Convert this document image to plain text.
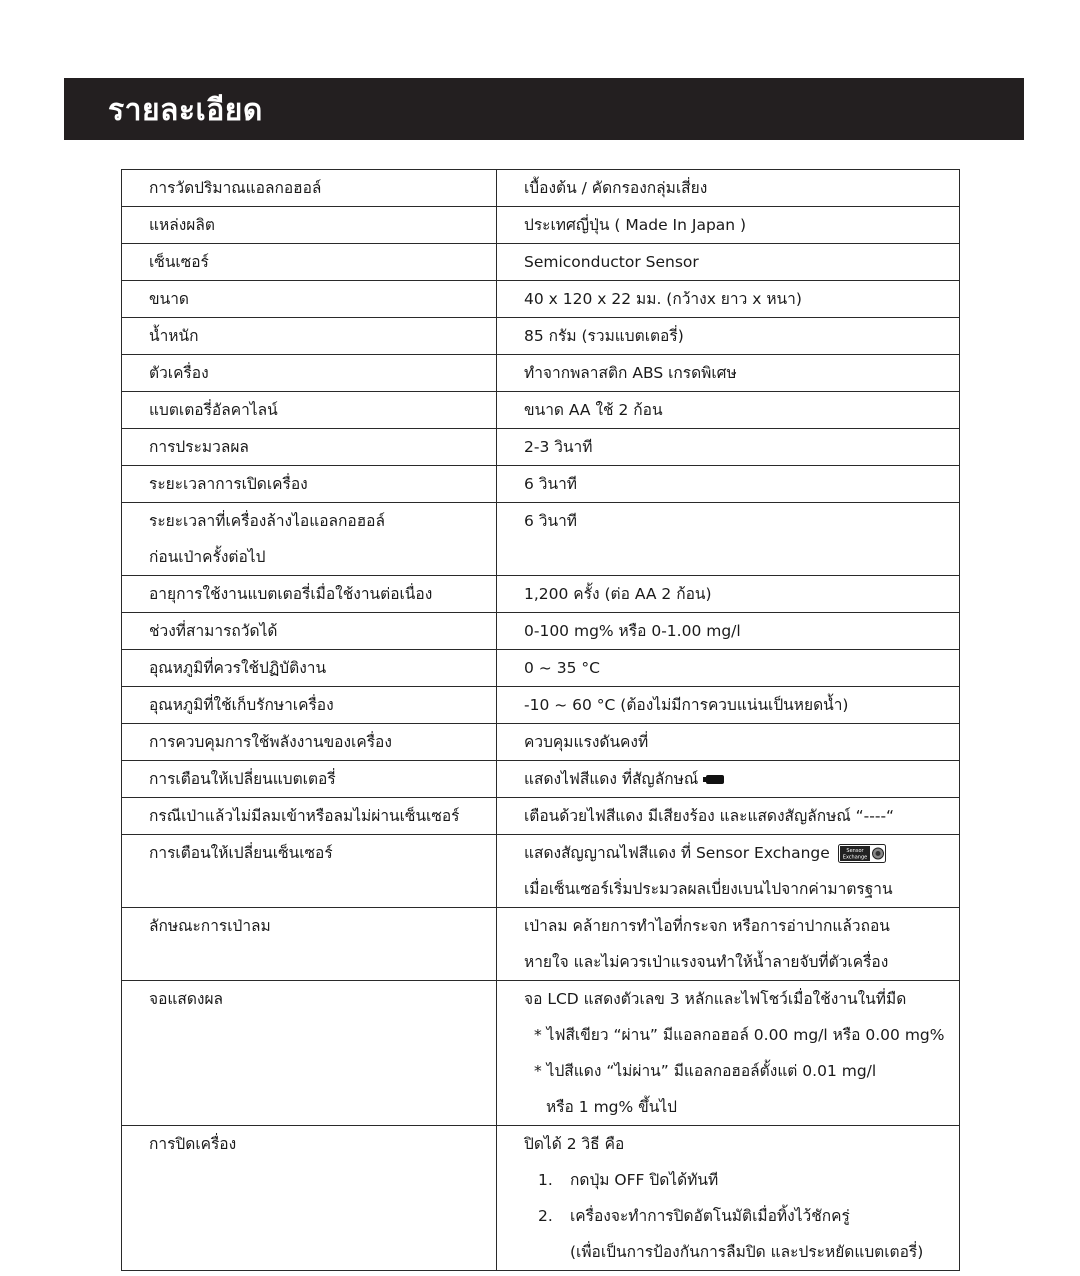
รายละเอียด
การวัดปริมาณแอลกอฮอล์	เบื้องต้น / คัดกรองกลุ่มเสี่ยง
แหล่งผลิต	ประเทศญี่ปุ่น ( Made In Japan )
เซ็นเซอร์	Semiconductor Sensor
ขนาด	40 x 120 x 22 มม. (กว้างx ยาว x หนา)
น้ำหนัก	85 กรัม (รวมแบตเตอรี่)
ตัวเครื่อง	ทำจากพลาสติก ABS เกรดพิเศษ
แบตเตอรี่อัลคาไลน์	ขนาด AA ใช้ 2 ก้อน
การประมวลผล	2-3 วินาที
ระยะเวลาการเปิดเครื่อง	6 วินาที

ระยะเวลาที่เครื่องล้างไอแอลกอฮอล์
ก่อนเป่าครั้งต่อไป	6 วินาที
อายุการใช้งานแบตเตอรี่เมื่อใช้งานต่อเนื่อง	1,200 ครั้ง (ต่อ AA 2 ก้อน)
ช่วงที่สามารถวัดได้	0-100 mg% หรือ 0-1.00 mg/l
อุณหภูมิที่ควรใช้ปฏิบัติงาน	0 ~ 35 °C
อุณหภูมิที่ใช้เก็บรักษาเครื่อง	-10 ~ 60 °C (ต้องไม่มีการควบแน่นเป็นหยดน้ำ)
การควบคุมการใช้พลังงานของเครื่อง	ควบคุมแรงดันคงที่
การเตือนให้เปลี่ยนแบตเตอรี่	แสดงไฟสีแดง ที่สัญลักษณ์
กรณีเป่าแล้วไม่มีลมเข้าหรือลมไม่ผ่านเซ็นเซอร์	เตือนด้วยไฟสีแดง มีเสียงร้อง และแสดงสัญลักษณ์ “----“
การเตือนให้เปลี่ยนเซ็นเซอร์	แสดงสัญญาณไฟสีแดง ที่ Sensor Exchange Sensor
Exchange
เมื่อเซ็นเซอร์เริ่มประมวลผลเบี่ยงเบนไปจากค่ามาตรฐาน

ลักษณะการเป่าลม	เป่าลม คล้ายการทำไอที่กระจก หรือการอ่าปากแล้วถอน
หายใจ และไม่ควรเป่าแรงจนทำให้น้ำลายจับที่ตัวเครื่อง

จอแสดงผล	จอ LCD แสดงตัวเลข 3 หลักและไฟโชว์เมื่อใช้งานในที่มืด
* ไฟสีเขียว “ผ่าน” มีแอลกอฮอล์ 0.00 mg/l หรือ 0.00 mg%
* ไปสีแดง “ไม่ผ่าน” มีแอลกอฮอล์ตั้งแต่ 0.01 mg/l
หรือ 1 mg% ขึ้นไป

การปิดเครื่อง	ปิดได้ 2 วิธี คือ
1. กดปุ่ม OFF ปิดได้ทันที
2. เครื่องจะทำการปิดอัตโนมัติเมื่อทิ้งไว้ชักครู่
(เพื่อเป็นการป้องกันการลืมปิด และประหยัดแบตเตอรี่)
